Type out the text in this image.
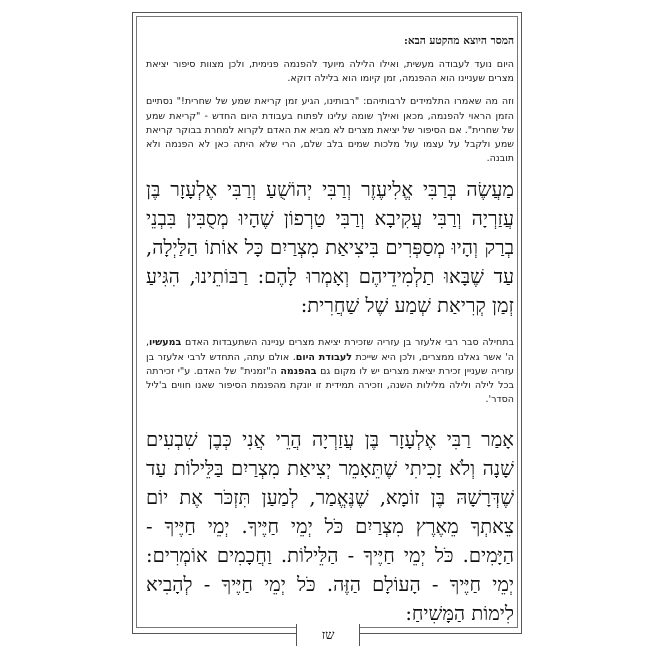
המסר היוצא מהקטע הבא:

היום נועד לעבודה מעשית, ואילו הלילה מיועד להפנמה פנימית, ולכן מצוות סיפור יציאת מצרים שעניינו הוא ההפנמה, זמן קיומו הוא בלילה דוקא.

וזה מה שאמרו התלמידים לרבותיהם: "רבותינו, הגיע זמן קריאת שמע של שחרית!" נסתיים הזמן הראוי להפנמה, מכאן ואילך שומה עלינו לפתוח בעבודת היום החדש - "קריאת שמע של שחרית". אם הסיפור של יציאת מצרים לא מביא את האדם לקרוא למחרת בבוקר קריאת שמע ולקבל על עצמו עול מלכות שמים בלב שלם, הרי שלא היתה כאן לא הפנמה ולא תובנה.

מַעֲשֶׂה בְּרַבִּי אֱלִיעֶזֶר וְרַבִּי יְהוֹשֻׁעַ וְרַבִּי אֶלְעָזָר בֶּן עֲזַרְיָה וְרַבִּי עֲקִיבָא וְרַבִּי טַרְפוֹן שֶׁהָיוּ מְסֻבִּין בִּבְנֵי בְרַק וְהָיוּ מְסַפְּרִים בִּיצִיאַת מִצְרַיִם כָּל אוֹתוֹ הַלַּיְלָה, עַד שֶׁבָּאוּ תַלְמִידֵיהֶם וְאָמְרוּ לָהֶם: רַבּוֹתֵינוּ, הִגִּיעַ זְמַן קְרִיאַת שְׁמַע שֶׁל שַׁחֲרִית:

בתחילה סבר רבי אלעזר בן עזריה שזכירת יציאת מצרים עניינה השתעבדות האדם במעשיו, ה' אשר גאלנו ממצרים, ולכן היא שייכת לעבודת היום. אולם עתה, התחדש לרבי אלעזר בן עזריה שעניין זכירת יציאת מצרים יש לו מקום גם בהפנמה ה"זמנית" של האדם. ע"י זכירתה בכל לילה ולילה מלילות השנה, וזכירה תמידית זו יונקת מהפנמת הסיפור שאנו חווים ב'ליל הסדר'.

אָמַר רַבִּי אֶלְעָזָר בֶּן עֲזַרְיָה הֲרֵי אֲנִי כְּבֶן שִׁבְעִים שָׁנָה וְלֹא זָכִיתִי שֶׁתֵּאָמֵר יְצִיאַת מִצְרַיִם בַּלֵּילוֹת עַד שֶׁדְּרָשָׁהּ בֶּן זוֹמָא, שֶׁנֶּאֱמַר, לְמַעַן תִּזְכֹּר אֶת יוֹם צֵאתְךָ מֵאֶרֶץ מִצְרַיִם כֹּל יְמֵי חַיֶּיךָ. יְמֵי חַיֶּיךָ - הַיָּמִים. כֹּל יְמֵי חַיֶּיךָ - הַלֵּילוֹת. וַחֲכָמִים אוֹמְרִים: יְמֵי חַיֶּיךָ - הָעוֹלָם הַזֶּה. כֹּל יְמֵי חַיֶּיךָ - לְהָבִיא לִימוֹת הַמָּשִׁיחַ:

שז
